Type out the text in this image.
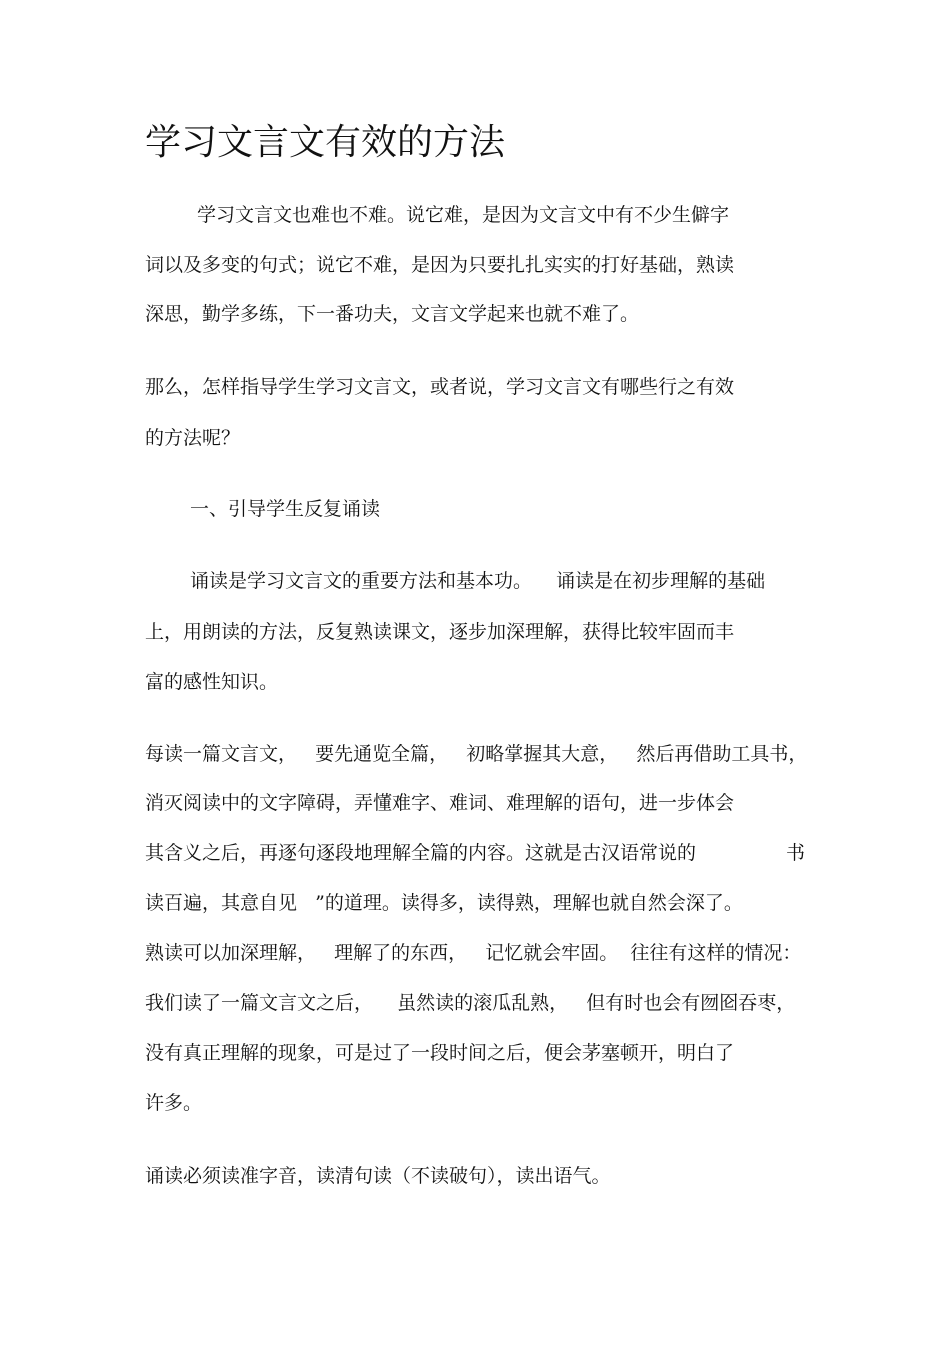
学习文言文有效的方法
学习文言文也难也不难。说它难，是因为文言文中有不少生僻字
词以及多变的句式；说它不难，是因为只要扎扎实实的打好基础，熟读
深思，勤学多练，下一番功夫，文言文学起来也就不难了。
那么，怎样指导学生学习文言文，或者说，学习文言文有哪些行之有效
的方法呢？
一、引导学生反复诵读
诵读是学习文言文的重要方法和基本功。    诵读是在初步理解的基础
上，用朗读的方法，反复熟读课文，逐步加深理解，获得比较牢固而丰
富的感性知识。
每读一篇文言文，   要先通览全篇，   初略掌握其大意，   然后再借助工具书，
消灭阅读中的文字障碍，弄懂难字、难词、难理解的语句，进一步体会
其含义之后，再逐句逐段地理解全篇的内容。这就是古汉语常说的	书
读百遍，其意自见   ”的道理。读得多，读得熟，理解也就自然会深了。
熟读可以加深理解，   理解了的东西，   记忆就会牢固。  往往有这样的情况：
我们读了一篇文言文之后，    虽然读的滚瓜乱熟，   但有时也会有囫囵吞枣，
没有真正理解的现象，可是过了一段时间之后，便会茅塞顿开，明白了
许多。
诵读必须读准字音，读清句读（不读破句），读出语气。
